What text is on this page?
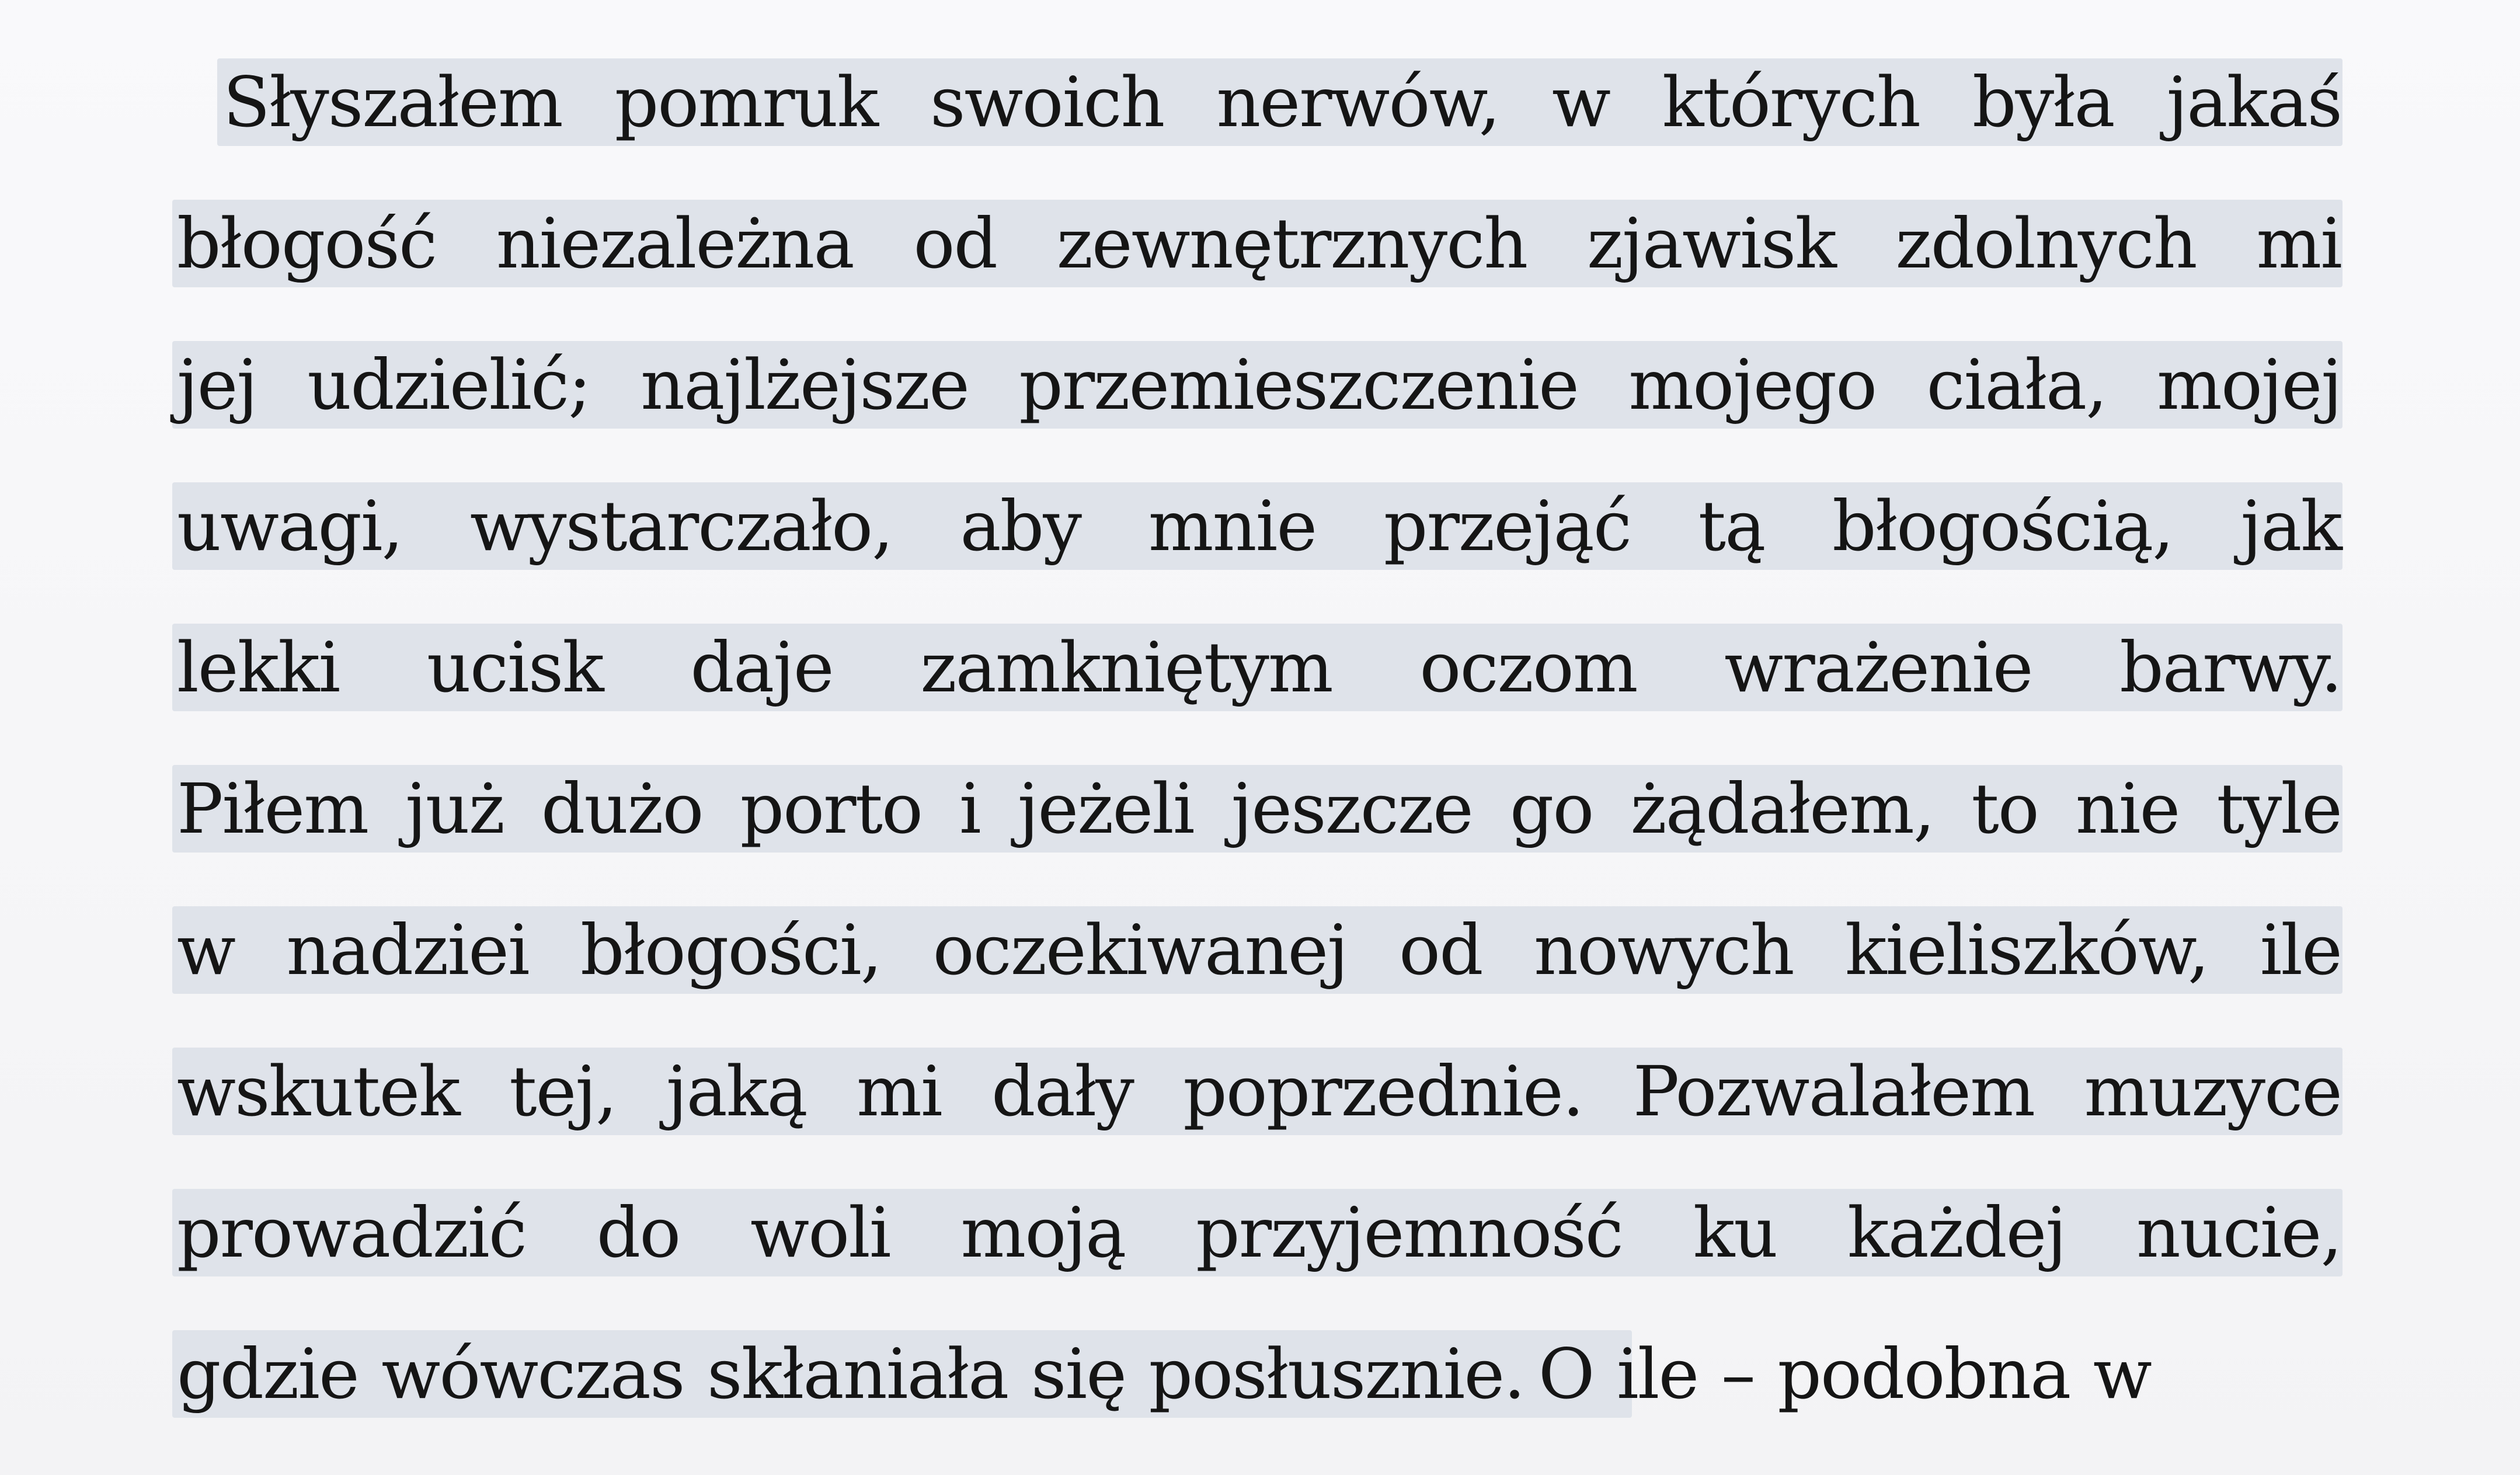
Słyszałem pomruk swoich nerwów, w których była jakaś
błogość niezależna od zewnętrznych zjawisk zdolnych mi
jej udzielić; najlżejsze przemieszczenie mojego ciała, mojej
uwagi, wystarczało, aby mnie przejąć tą błogością, jak
lekki ucisk daje zamkniętym oczom wrażenie barwy.
Piłem już dużo porto i jeżeli jeszcze go żądałem, to nie tyle
w nadziei błogości, oczekiwanej od nowych kieliszków, ile
wskutek tej, jaką mi dały poprzednie. Pozwalałem muzyce
prowadzić do woli moją przyjemność ku każdej nucie,
gdzie wówczas skłaniała się posłusznie. O ile – podobna w
